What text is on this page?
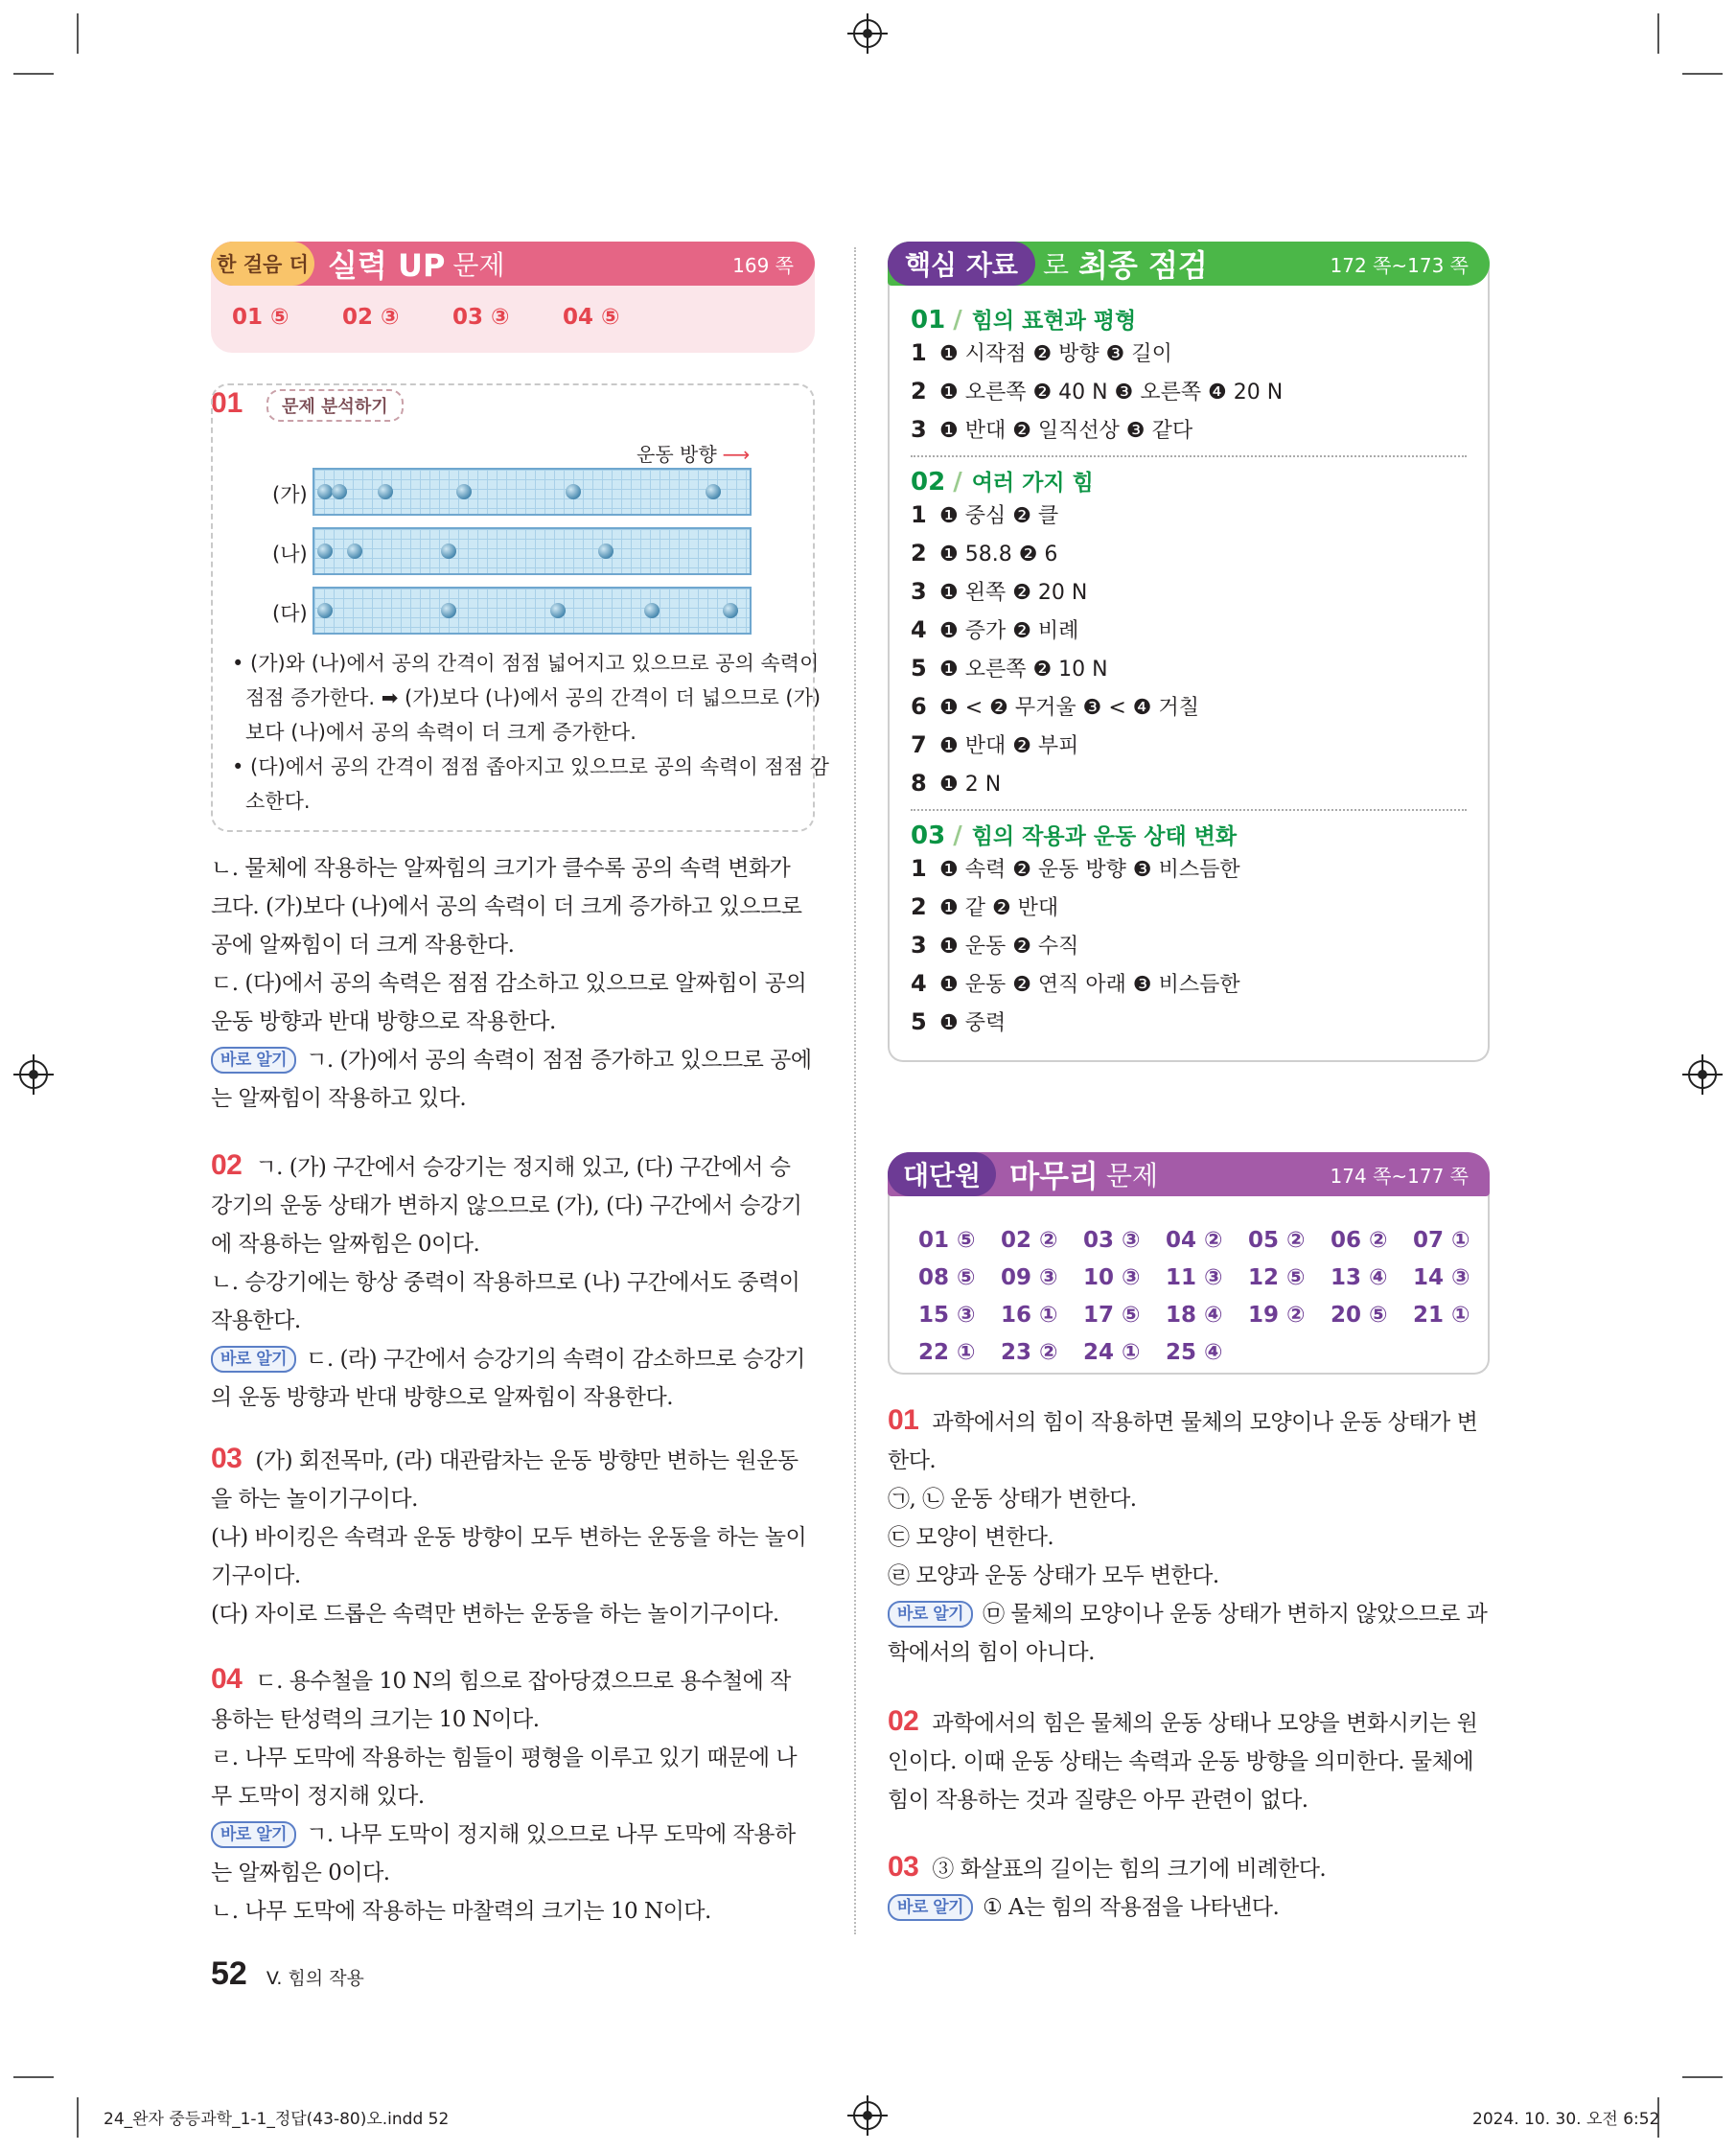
한 걸음 더 실력 UP 문제	169 쪽
01 ⑤	02 ③	03 ③	04 ⑤
01	문제 분석하기
운동 방향 ⟶
(가)
(나)
(다)
• (가)와 (나)에서 공의 간격이 점점 넓어지고 있으므로 공의 속력이
점점 증가한다. ➡ (가)보다 (나)에서 공의 간격이 더 넓으므로 (가)
보다 (나)에서 공의 속력이 더 크게 증가한다.
• (다)에서 공의 간격이 점점 좁아지고 있으므로 공의 속력이 점점 감
소한다.
ㄴ. 물체에 작용하는 알짜힘의 크기가 클수록 공의 속력 변화가
크다. (가)보다 (나)에서 공의 속력이 더 크게 증가하고 있으므로
공에 알짜힘이 더 크게 작용한다.
ㄷ. (다)에서 공의 속력은 점점 감소하고 있으므로 알짜힘이 공의
운동 방향과 반대 방향으로 작용한다.
바로 알기 ㄱ. (가)에서 공의 속력이 점점 증가하고 있으므로 공에
는 알짜힘이 작용하고 있다.
02 ㄱ. (가) 구간에서 승강기는 정지해 있고, (다) 구간에서 승
강기의 운동 상태가 변하지 않으므로 (가), (다) 구간에서 승강기
에 작용하는 알짜힘은 0이다.
ㄴ. 승강기에는 항상 중력이 작용하므로 (나) 구간에서도 중력이
작용한다.
바로 알기 ㄷ. (라) 구간에서 승강기의 속력이 감소하므로 승강기
의 운동 방향과 반대 방향으로 알짜힘이 작용한다.
03 (가) 회전목마, (라) 대관람차는 운동 방향만 변하는 원운동
을 하는 놀이기구이다.
(나) 바이킹은 속력과 운동 방향이 모두 변하는 운동을 하는 놀이
기구이다.
(다) 자이로 드롭은 속력만 변하는 운동을 하는 놀이기구이다.
04 ㄷ. 용수철을 10 N의 힘으로 잡아당겼으므로 용수철에 작
용하는 탄성력의 크기는 10 N이다.
ㄹ. 나무 도막에 작용하는 힘들이 평형을 이루고 있기 때문에 나
무 도막이 정지해 있다.
바로 알기 ㄱ. 나무 도막이 정지해 있으므로 나무 도막에 작용하
는 알짜힘은 0이다.
ㄴ. 나무 도막에 작용하는 마찰력의 크기는 10 N이다.
52 V. 힘의 작용
24_완자 중등과학_1-1_정답(43-80)오.indd 52	2024. 10. 30. 오전 6:52
핵심 자료 로 최종 점검	172 쪽~173 쪽
01 / 힘의 표현과 평형
1 ❶ 시작점 ❷ 방향 ❸ 길이
2 ❶ 오른쪽 ❷ 40 N ❸ 오른쪽 ❹ 20 N
3 ❶ 반대 ❷ 일직선상 ❸ 같다
02 / 여러 가지 힘
1 ❶ 중심 ❷ 클
2 ❶ 58.8 ❷ 6
3 ❶ 왼쪽 ❷ 20 N
4 ❶ 증가 ❷ 비례
5 ❶ 오른쪽 ❷ 10 N
6 ❶ < ❷ 무거울 ❸ < ❹ 거칠
7 ❶ 반대 ❷ 부피
8 ❶ 2 N
03 / 힘의 작용과 운동 상태 변화
1 ❶ 속력 ❷ 운동 방향 ❸ 비스듬한
2 ❶ 같 ❷ 반대
3 ❶ 운동 ❷ 수직
4 ❶ 운동 ❷ 연직 아래 ❸ 비스듬한
5 ❶ 중력
대단원 마무리 문제	174 쪽~177 쪽
01 ⑤	02 ②	03 ③	04 ②	05 ②	06 ②	07 ①
08 ⑤	09 ③	10 ③	11 ③	12 ⑤	13 ④	14 ③
15 ③	16 ①	17 ⑤	18 ④	19 ②	20 ⑤	21 ①
22 ①	23 ②	24 ①	25 ④
01 과학에서의 힘이 작용하면 물체의 모양이나 운동 상태가 변
한다.
㉠, ㉡ 운동 상태가 변한다.
㉢ 모양이 변한다.
㉣ 모양과 운동 상태가 모두 변한다.
바로 알기 ㉤ 물체의 모양이나 운동 상태가 변하지 않았으므로 과
학에서의 힘이 아니다.
02 과학에서의 힘은 물체의 운동 상태나 모양을 변화시키는 원
인이다. 이때 운동 상태는 속력과 운동 방향을 의미한다. 물체에
힘이 작용하는 것과 질량은 아무 관련이 없다.
03 ③ 화살표의 길이는 힘의 크기에 비례한다.
바로 알기 ① A는 힘의 작용점을 나타낸다.
